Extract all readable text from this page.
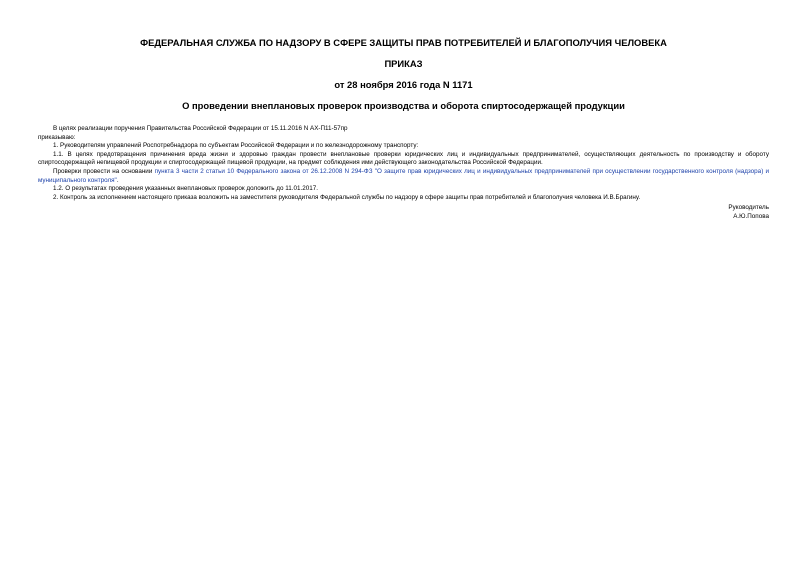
ФЕДЕРАЛЬНАЯ СЛУЖБА ПО НАДЗОРУ В СФЕРЕ ЗАЩИТЫ ПРАВ ПОТРЕБИТЕЛЕЙ И БЛАГОПОЛУЧИЯ ЧЕЛОВЕКА

ПРИКАЗ

от 28 ноября 2016 года N 1171

О проведении внеплановых проверок производства и оборота спиртосодержащей продукции

В целях реализации поручения Правительства Российской Федерации от 15.11.2016 N АХ-П11-57пр

приказываю:

1. Руководителям управлений Роспотребнадзора по субъектам Российской Федерации и по железнодорожному транспорту:

1.1. В целях предотвращения причинения вреда жизни и здоровью граждан провести внеплановые проверки юридических лиц и индивидуальных предпринимателей, осуществляющих деятельность по производству и обороту спиртосодержащей непищевой продукции и спиртосодержащей пищевой продукции, на предмет соблюдения ими действующего законодательства Российской Федерации.

Проверки провести на основании пункта 3 части 2 статьи 10 Федерального закона от 26.12.2008 N 294-ФЗ "О защите прав юридических лиц и индивидуальных предпринимателей при осуществлении государственного контроля (надзора) и муниципального контроля".

1.2. О результатах проведения указанных внеплановых проверок доложить до 11.01.2017.

2. Контроль за исполнением настоящего приказа возложить на заместителя руководителя Федеральной службы по надзору в сфере защиты прав потребителей и благополучия человека И.В.Брагину.

Руководитель

А.Ю.Попова
